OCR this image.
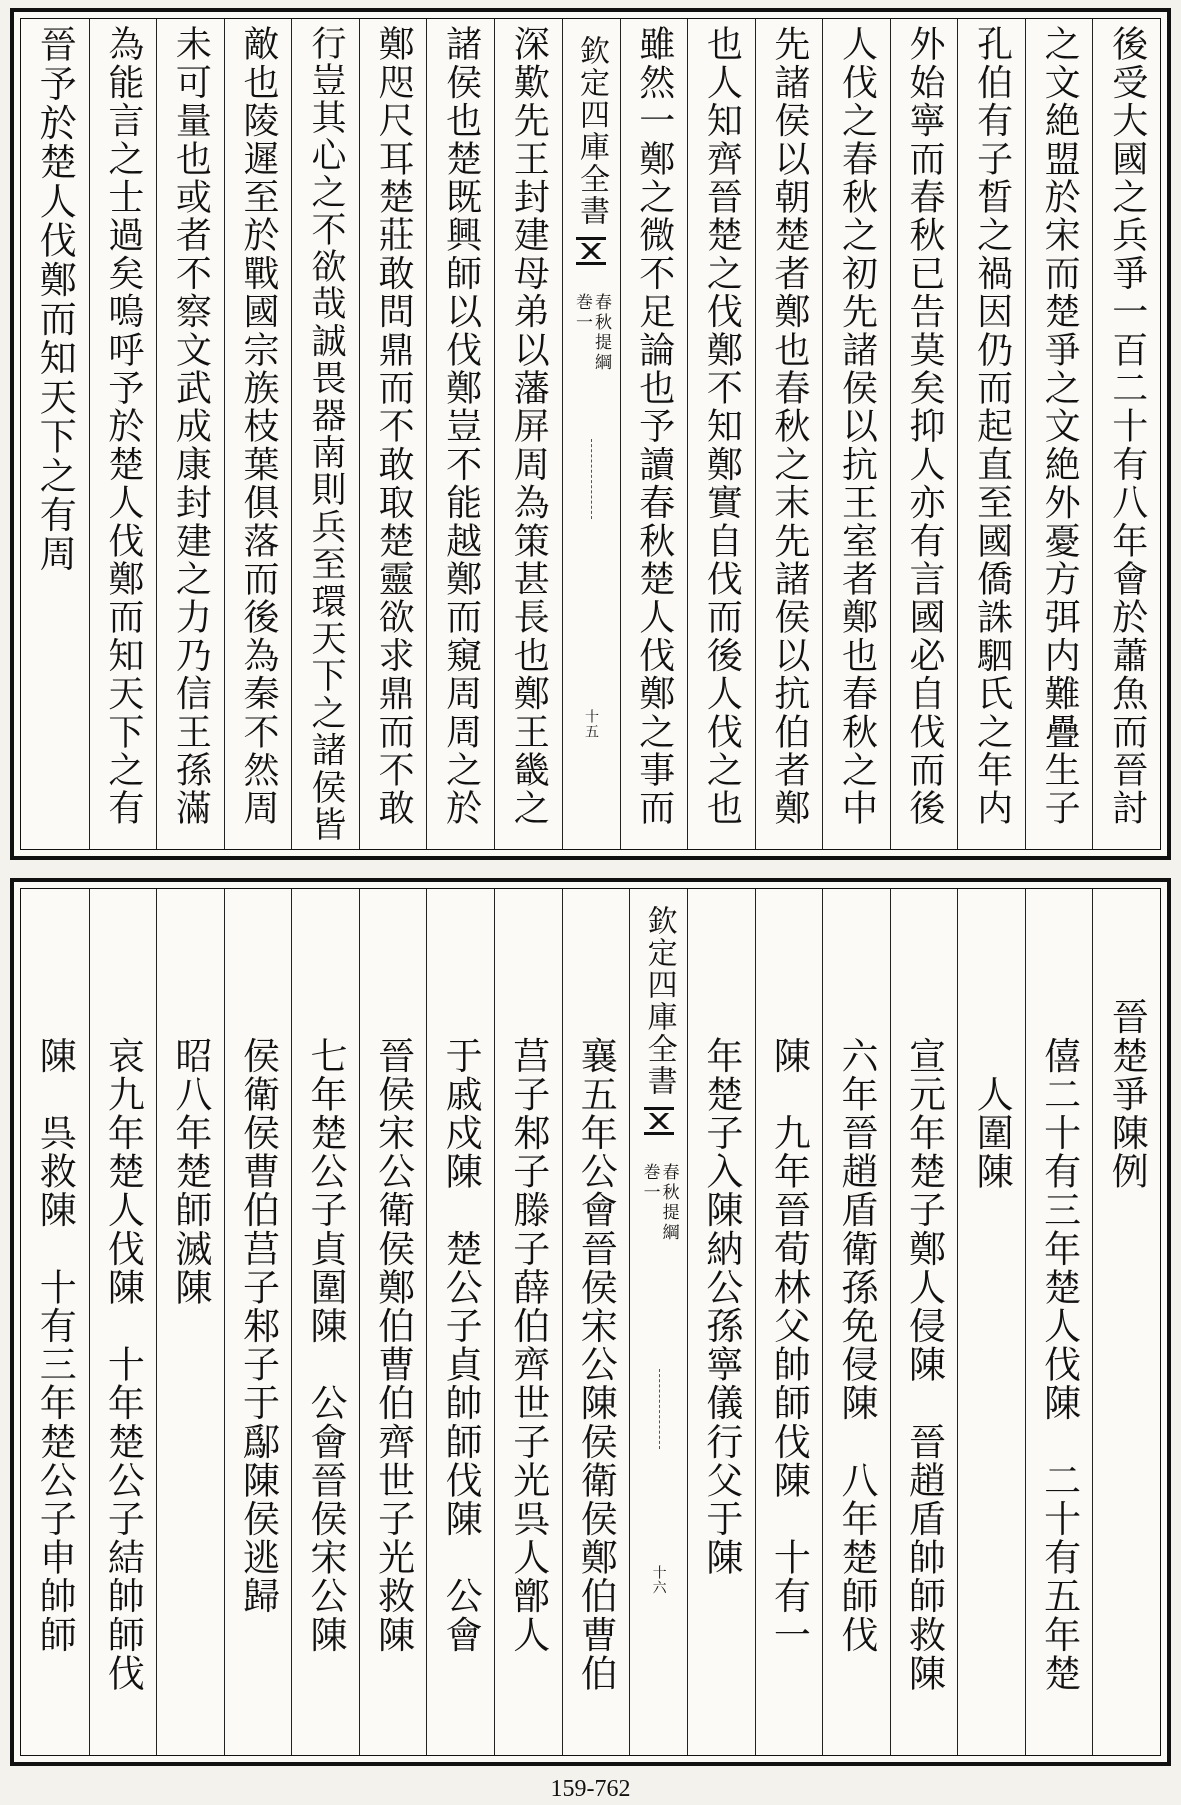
後受大國之兵爭一百二十有八年會於蕭魚而晉討
之文絶盟於宋而楚爭之文絶外憂方弭内難疊生子
孔伯有子晳之禍因仍而起直至國僑誅駟氏之年内
外始寧而春秋已告莫矣抑人亦有言國必自伐而後
人伐之春秋之初先諸侯以抗王室者鄭也春秋之中
先諸侯以朝楚者鄭也春秋之末先諸侯以抗伯者鄭
也人知齊晉楚之伐鄭不知鄭實自伐而後人伐之也
雖然一鄭之微不足論也予讀春秋楚人伐鄭之事而
欽定四庫全書
春秋提綱
巻一
十五
深歎先王封建母弟以藩屏周為策甚長也鄭王畿之
諸侯也楚既興師以伐鄭豈不能越鄭而窺周周之於
鄭咫尺耳楚莊敢問鼎而不敢取楚靈欲求鼎而不敢
行豈其心之不欲哉誠畏器南則兵至環天下之諸侯皆
敵也陵遲至於戰國宗族枝葉俱落而後為秦不然周
未可量也或者不察文武成康封建之力乃信王孫滿
為能言之士過矣嗚呼予於楚人伐鄭而知天下之有
晉予於楚人伐鄭而知天下之有周
　晉楚爭陳例
　　僖二十有三年楚人伐陳　二十有五年楚
　　　人圍陳
　　宣元年楚子鄭人侵陳　晉趙盾帥師救陳
　　六年晉趙盾衛孫免侵陳　八年楚師伐
　　陳　九年晉荀林父帥師伐陳　十有一
　　年楚子入陳納公孫寧儀行父于陳
欽定四庫全書
春秋提綱
巻一
十六
　　襄五年公會晉侯宋公陳侯衛侯鄭伯曹伯
　　莒子邾子滕子薛伯齊世子光呉人鄫人
　　于戚戍陳　楚公子貞帥師伐陳　公會
　　晉侯宋公衛侯鄭伯曹伯齊世子光救陳
　　七年楚公子貞圍陳　公會晉侯宋公陳
　　侯衛侯曹伯莒子邾子于鄬陳侯逃歸
　　昭八年楚師滅陳
　　哀九年楚人伐陳　十年楚公子結帥師伐
　　陳　呉救陳　十有三年楚公子申帥師
159-762
